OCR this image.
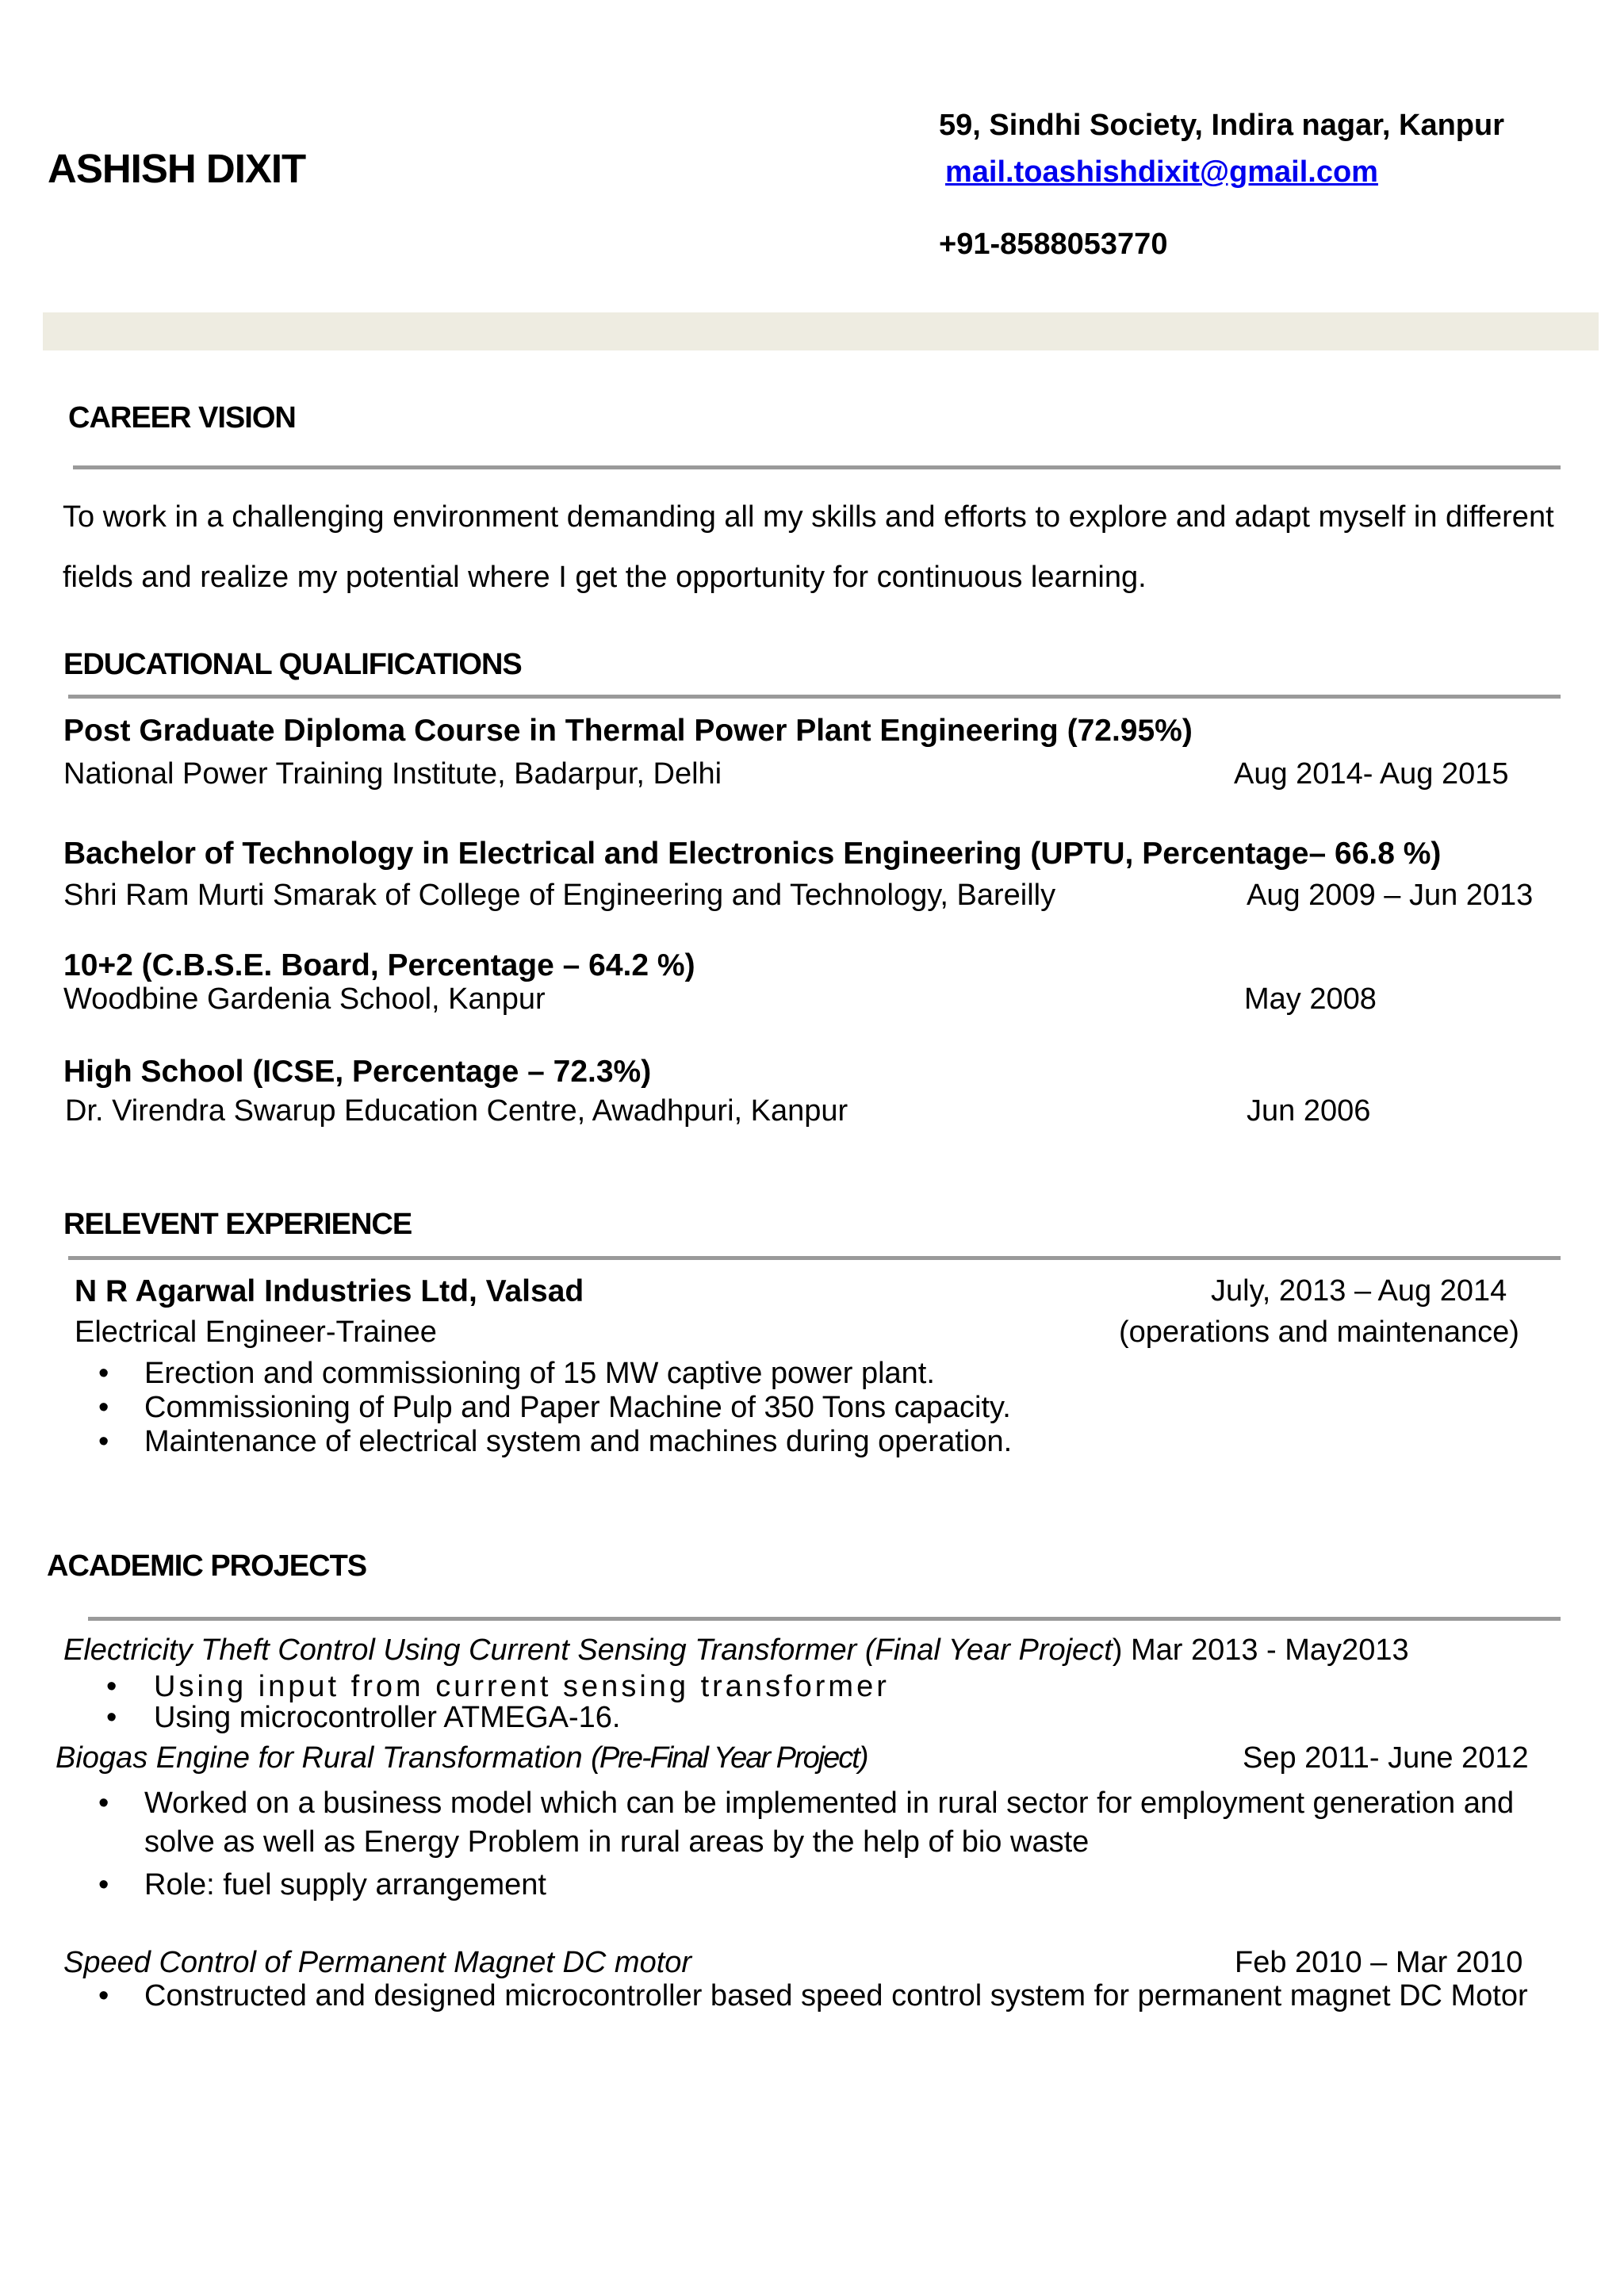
ASHISH DIXIT
59, Sindhi Society, Indira nagar, Kanpur
mail.toashishdixit@gmail.com
+91-8588053770
CAREER VISION
To work in a challenging environment demanding all my skills and efforts to explore and adapt myself in different fields and realize my potential where I get the opportunity for continuous learning.
EDUCATIONAL QUALIFICATIONS
Post Graduate Diploma Course in Thermal Power Plant Engineering (72.95%)
National Power Training Institute, Badarpur, Delhi	Aug 2014- Aug 2015
Bachelor of Technology in Electrical and Electronics Engineering (UPTU, Percentage– 66.8 %)
Shri Ram Murti Smarak of College of Engineering and Technology, Bareilly	Aug 2009 – Jun 2013
10+2 (C.B.S.E. Board, Percentage – 64.2 %)
Woodbine Gardenia School, Kanpur	May 2008
High School (ICSE, Percentage – 72.3%)
Dr. Virendra Swarup Education Centre, Awadhpuri, Kanpur	Jun 2006
RELEVENT EXPERIENCE
N R Agarwal Industries Ltd, Valsad	July, 2013 – Aug 2014
Electrical Engineer-Trainee	(operations and maintenance)
• Erection and commissioning of 15 MW captive power plant.
• Commissioning of Pulp and Paper Machine of 350 Tons capacity.
• Maintenance of electrical system and machines during operation.
ACADEMIC PROJECTS
Electricity Theft Control Using Current Sensing Transformer (Final Year Project) Mar 2013 - May2013
• Using input from current sensing transformer
• Using microcontroller ATMEGA-16.
Biogas Engine for Rural Transformation (Pre-Final Year Project)	Sep 2011- June 2012
• Worked on a business model which can be implemented in rural sector for employment generation and solve as well as Energy Problem in rural areas by the help of bio waste
• Role: fuel supply arrangement
Speed Control of Permanent Magnet DC motor	Feb 2010 – Mar 2010
• Constructed and designed microcontroller based speed control system for permanent magnet DC Motor
